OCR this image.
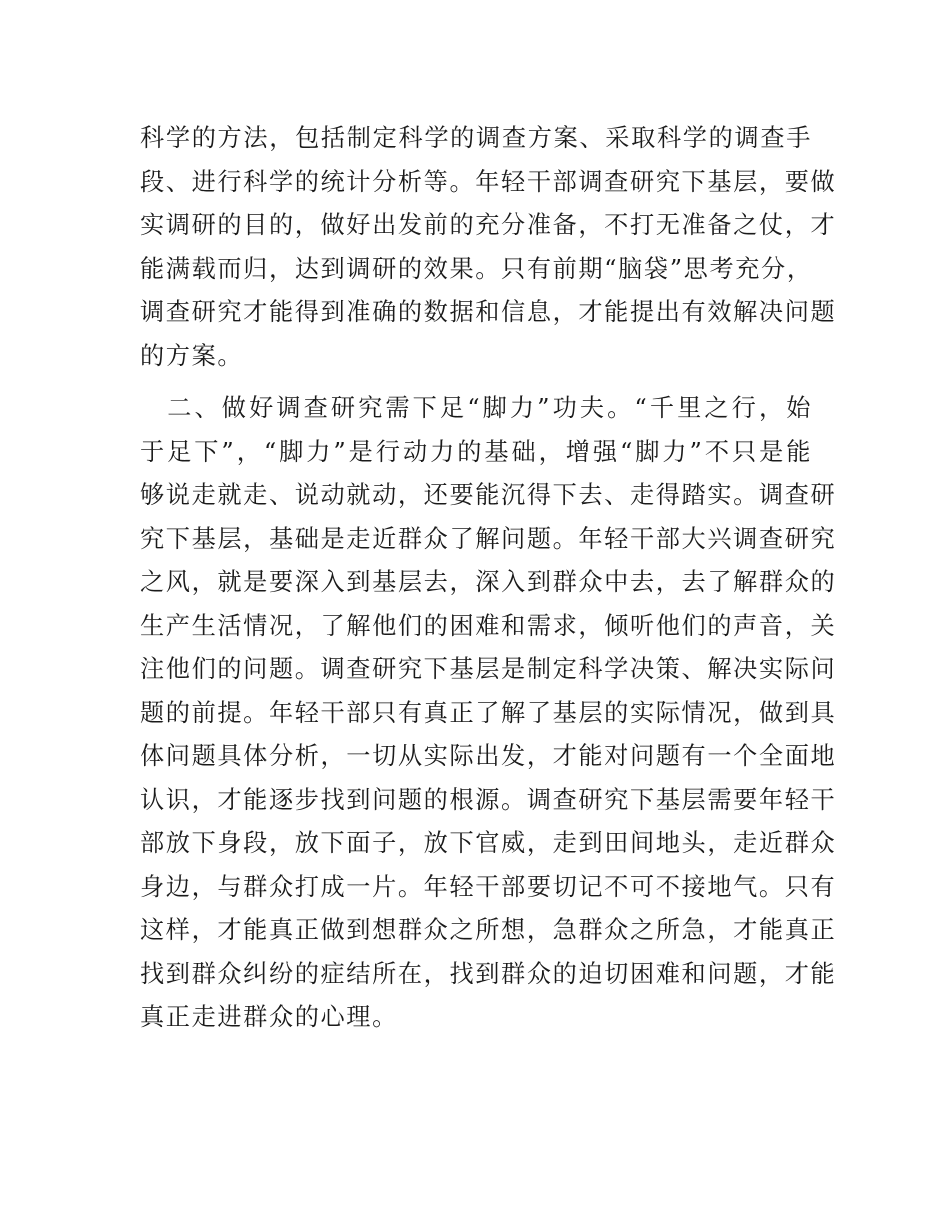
科学的方法，包括制定科学的调查方案、采取科学的调查手
段、进行科学的统计分析等。年轻干部调查研究下基层，要做
实调研的目的，做好出发前的充分准备，不打无准备之仗，才
能满载而归，达到调研的效果。只有前期“脑袋”思考充分，
调查研究才能得到准确的数据和信息，才能提出有效解决问题
的方案。
　二、做好调查研究需下足“脚力”功夫。“千里之行，始
于足下”，“脚力”是行动力的基础，增强“脚力”不只是能
够说走就走、说动就动，还要能沉得下去、走得踏实。调查研
究下基层，基础是走近群众了解问题。年轻干部大兴调查研究
之风，就是要深入到基层去，深入到群众中去，去了解群众的
生产生活情况，了解他们的困难和需求，倾听他们的声音，关
注他们的问题。调查研究下基层是制定科学决策、解决实际问
题的前提。年轻干部只有真正了解了基层的实际情况，做到具
体问题具体分析，一切从实际出发，才能对问题有一个全面地
认识，才能逐步找到问题的根源。调查研究下基层需要年轻干
部放下身段，放下面子，放下官威，走到田间地头，走近群众
身边，与群众打成一片。年轻干部要切记不可不接地气。只有
这样，才能真正做到想群众之所想，急群众之所急，才能真正
找到群众纠纷的症结所在，找到群众的迫切困难和问题，才能
真正走进群众的心理。
